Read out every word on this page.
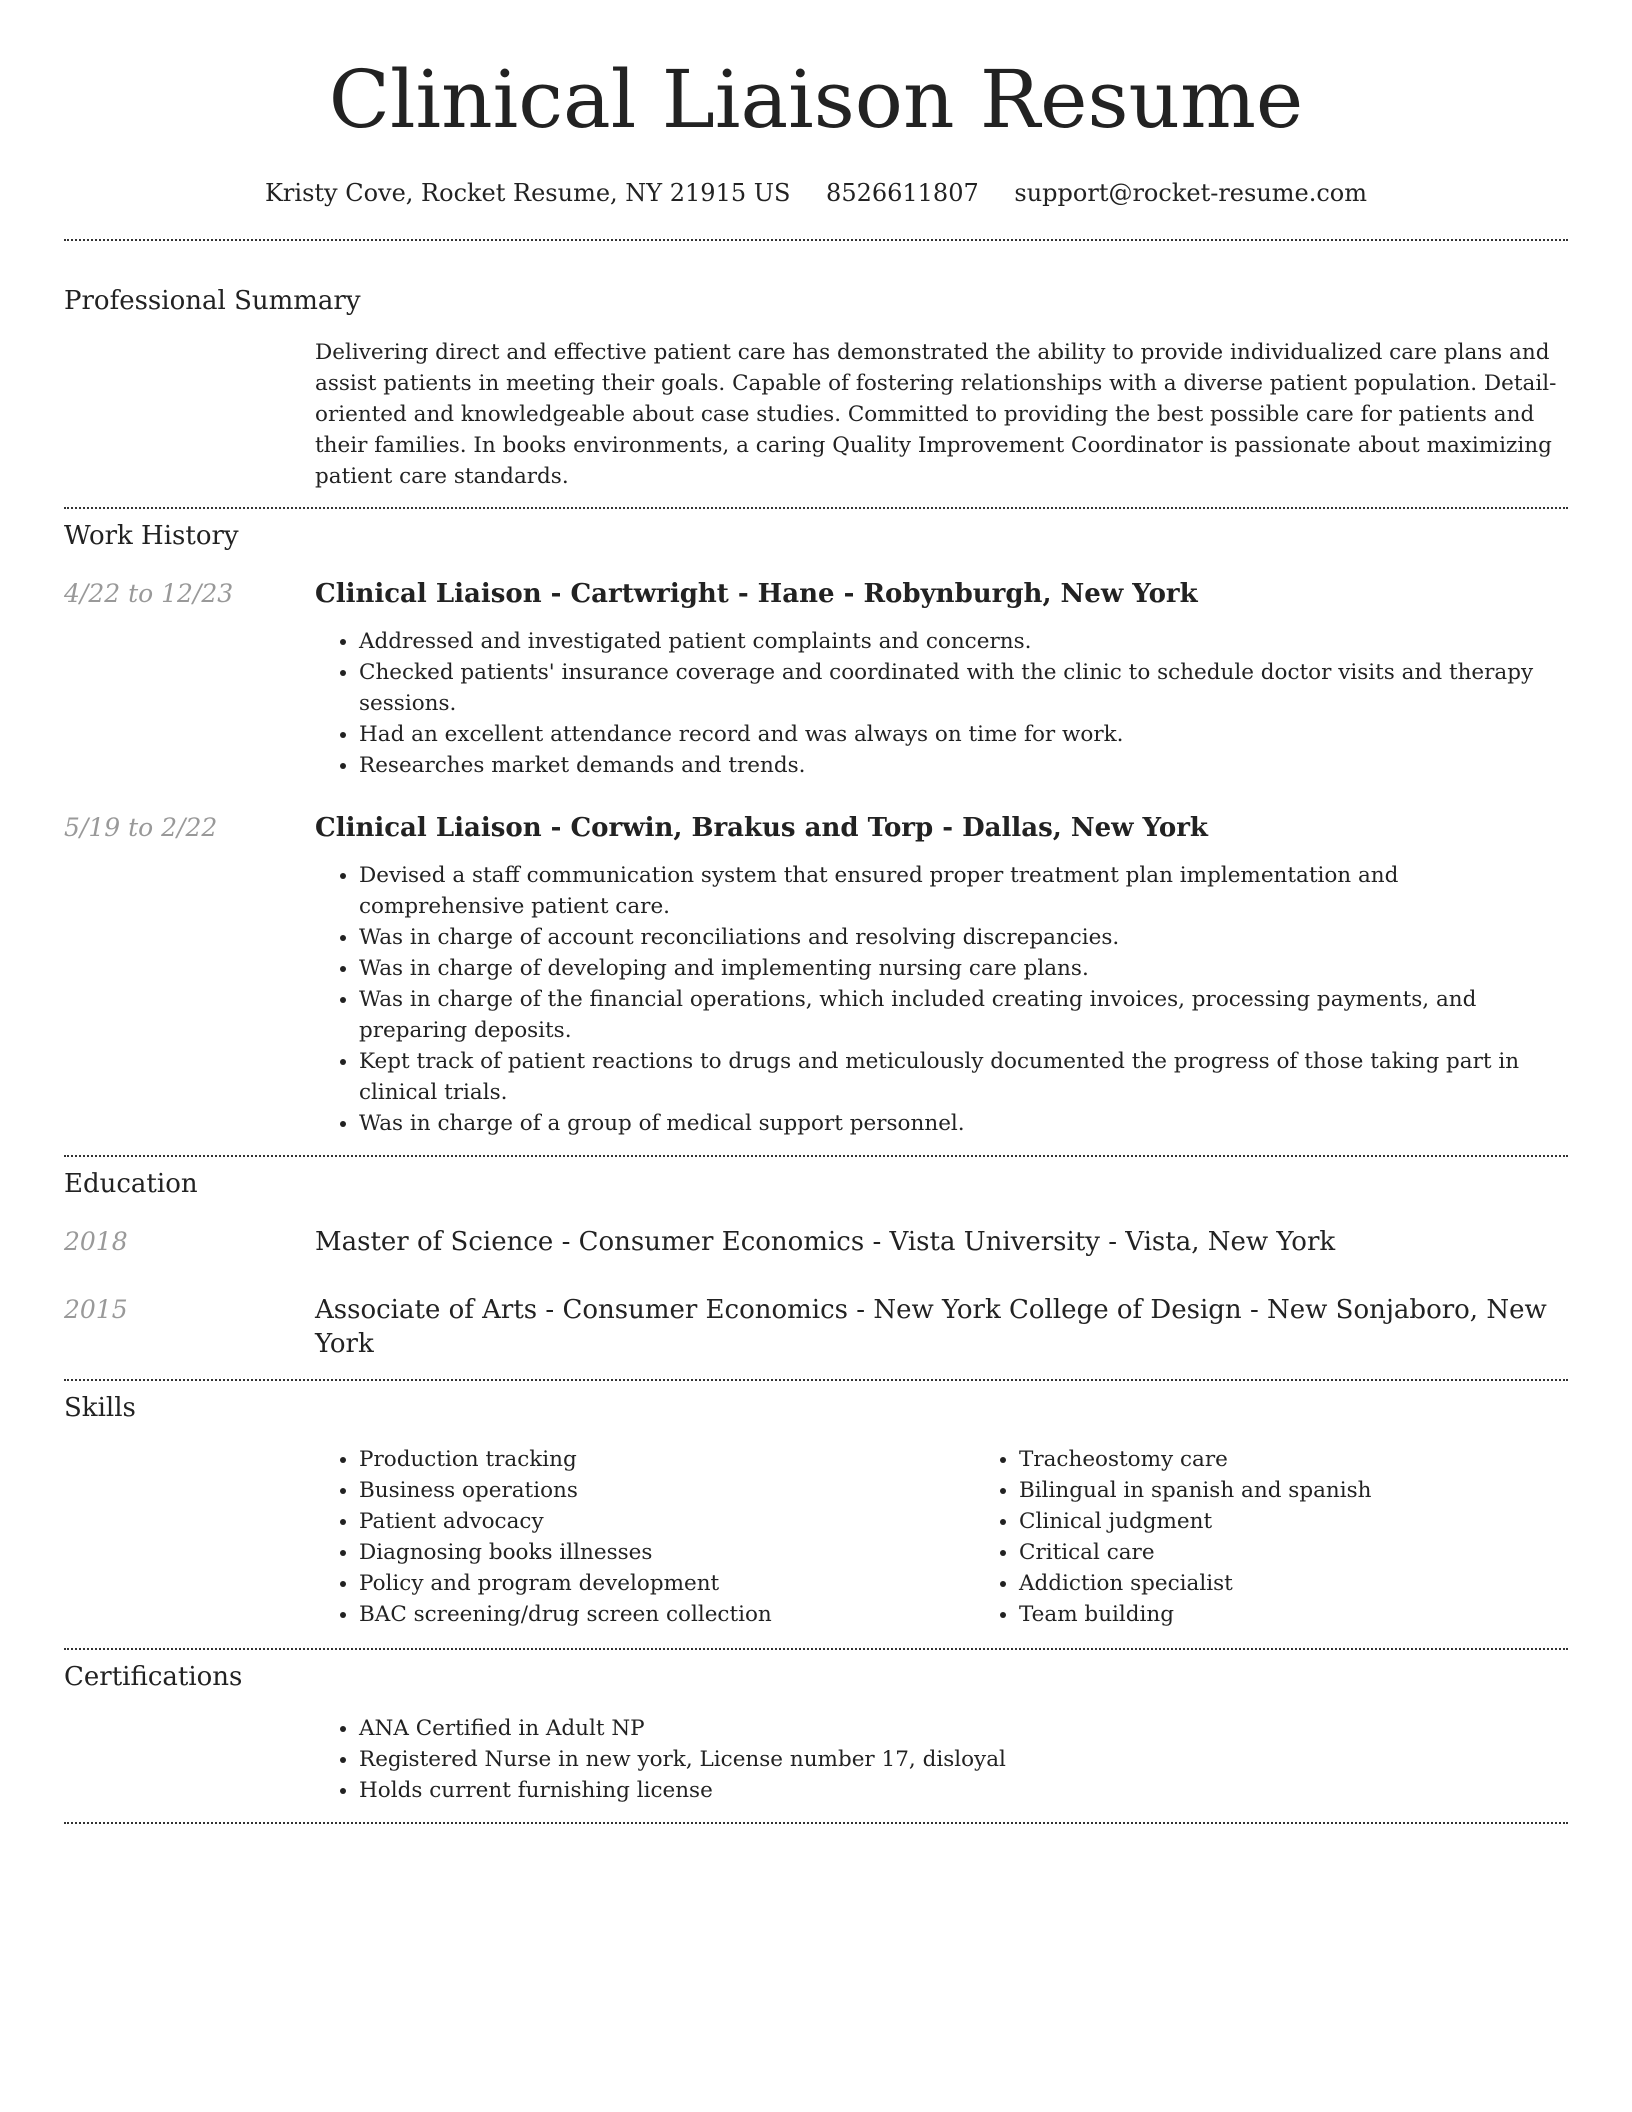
Clinical Liaison Resume
Kristy Cove, Rocket Resume, NY 21915 US 8526611807 support@rocket-resume.com
Professional Summary

Delivering direct and effective patient care has demonstrated the ability to provide individualized care plans and assist patients in meeting their goals. Capable of fostering relationships with a diverse patient population. Detail-oriented and knowledgeable about case studies. Committed to providing the best possible care for patients and their families. In books environments, a caring Quality Improvement Coordinator is passionate about maximizing patient care standards.

Work History
4/22 to 12/23	Clinical Liaison - Cartwright - Hane - Robynburgh, New York
• Addressed and investigated patient complaints and concerns.
• Checked patients' insurance coverage and coordinated with the clinic to schedule doctor visits and therapy sessions.
• Had an excellent attendance record and was always on time for work.
• Researches market demands and trends.
5/19 to 2/22	Clinical Liaison - Corwin, Brakus and Torp - Dallas, New York
• Devised a staff communication system that ensured proper treatment plan implementation and comprehensive patient care.
• Was in charge of account reconciliations and resolving discrepancies.
• Was in charge of developing and implementing nursing care plans.
• Was in charge of the financial operations, which included creating invoices, processing payments, and preparing deposits.
• Kept track of patient reactions to drugs and meticulously documented the progress of those taking part in clinical trials.
• Was in charge of a group of medical support personnel.
Education
2018	Master of Science - Consumer Economics - Vista University - Vista, New York

2015	Associate of Arts - Consumer Economics - New York College of Design - New Sonjaboro, New York

Skills
• Production tracking
• Business operations
• Patient advocacy
• Diagnosing books illnesses
• Policy and program development
• BAC screening/drug screen collection
• Tracheostomy care
• Bilingual in spanish and spanish
• Clinical judgment
• Critical care
• Addiction specialist
• Team building
Certifications
• ANA Certified in Adult NP
• Registered Nurse in new york, License number 17, disloyal
• Holds current furnishing license
